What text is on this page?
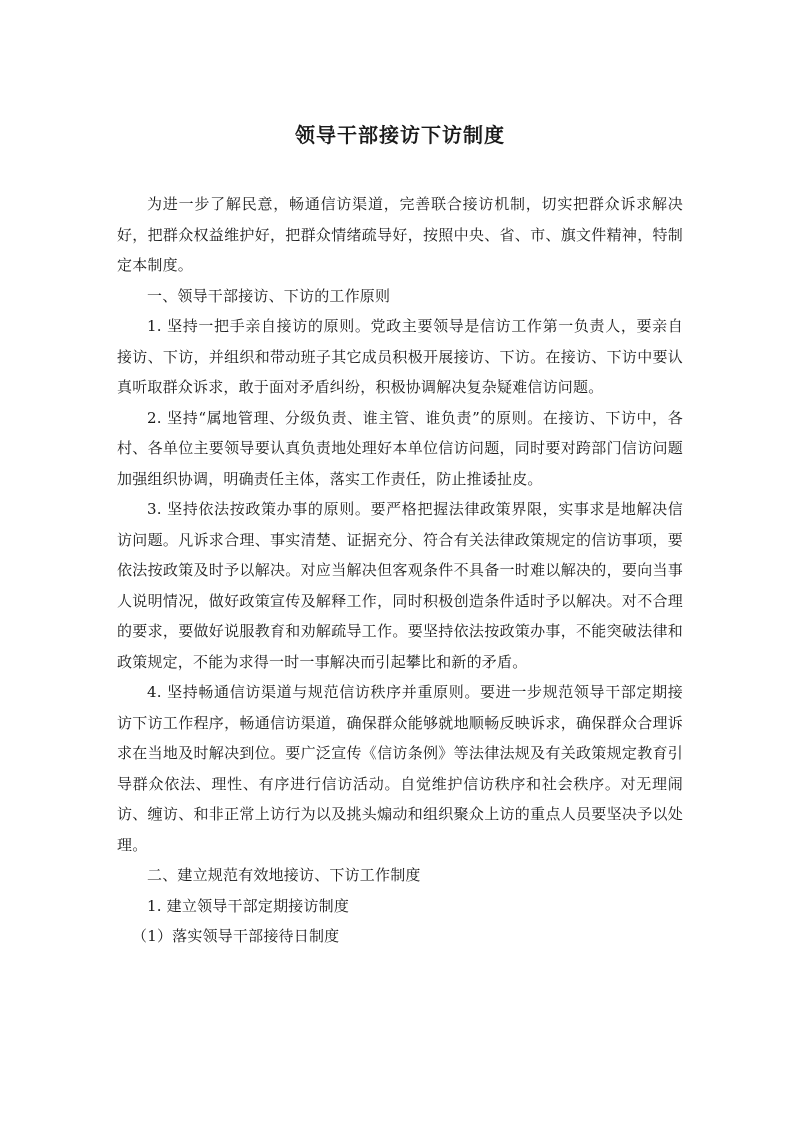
领导干部接访下访制度

为进一步了解民意，畅通信访渠道，完善联合接访机制，切实把群众诉求解决好，把群众权益维护好，把群众情绪疏导好，按照中央、省、市、旗文件精神，特制定本制度。

一、领导干部接访、下访的工作原则

1. 坚持一把手亲自接访的原则。党政主要领导是信访工作第一负责人，要亲自接访、下访，并组织和带动班子其它成员积极开展接访、下访。在接访、下访中要认真听取群众诉求，敢于面对矛盾纠纷，积极协调解决复杂疑难信访问题。

2. 坚持“属地管理、分级负责、谁主管、谁负责”的原则。在接访、下访中，各村、各单位主要领导要认真负责地处理好本单位信访问题，同时要对跨部门信访问题加强组织协调，明确责任主体，落实工作责任，防止推诿扯皮。

3. 坚持依法按政策办事的原则。要严格把握法律政策界限，实事求是地解决信访问题。凡诉求合理、事实清楚、证据充分、符合有关法律政策规定的信访事项，要依法按政策及时予以解决。对应当解决但客观条件不具备一时难以解决的，要向当事人说明情况，做好政策宣传及解释工作，同时积极创造条件适时予以解决。对不合理的要求，要做好说服教育和劝解疏导工作。要坚持依法按政策办事，不能突破法律和政策规定，不能为求得一时一事解决而引起攀比和新的矛盾。

4. 坚持畅通信访渠道与规范信访秩序并重原则。要进一步规范领导干部定期接访下访工作程序，畅通信访渠道，确保群众能够就地顺畅反映诉求，确保群众合理诉求在当地及时解决到位。要广泛宣传《信访条例》等法律法规及有关政策规定教育引导群众依法、理性、有序进行信访活动。自觉维护信访秩序和社会秩序。对无理闹访、缠访、和非正常上访行为以及挑头煽动和组织聚众上访的重点人员要坚决予以处理。

二、建立规范有效地接访、下访工作制度

1. 建立领导干部定期接访制度

（1）落实领导干部接待日制度
